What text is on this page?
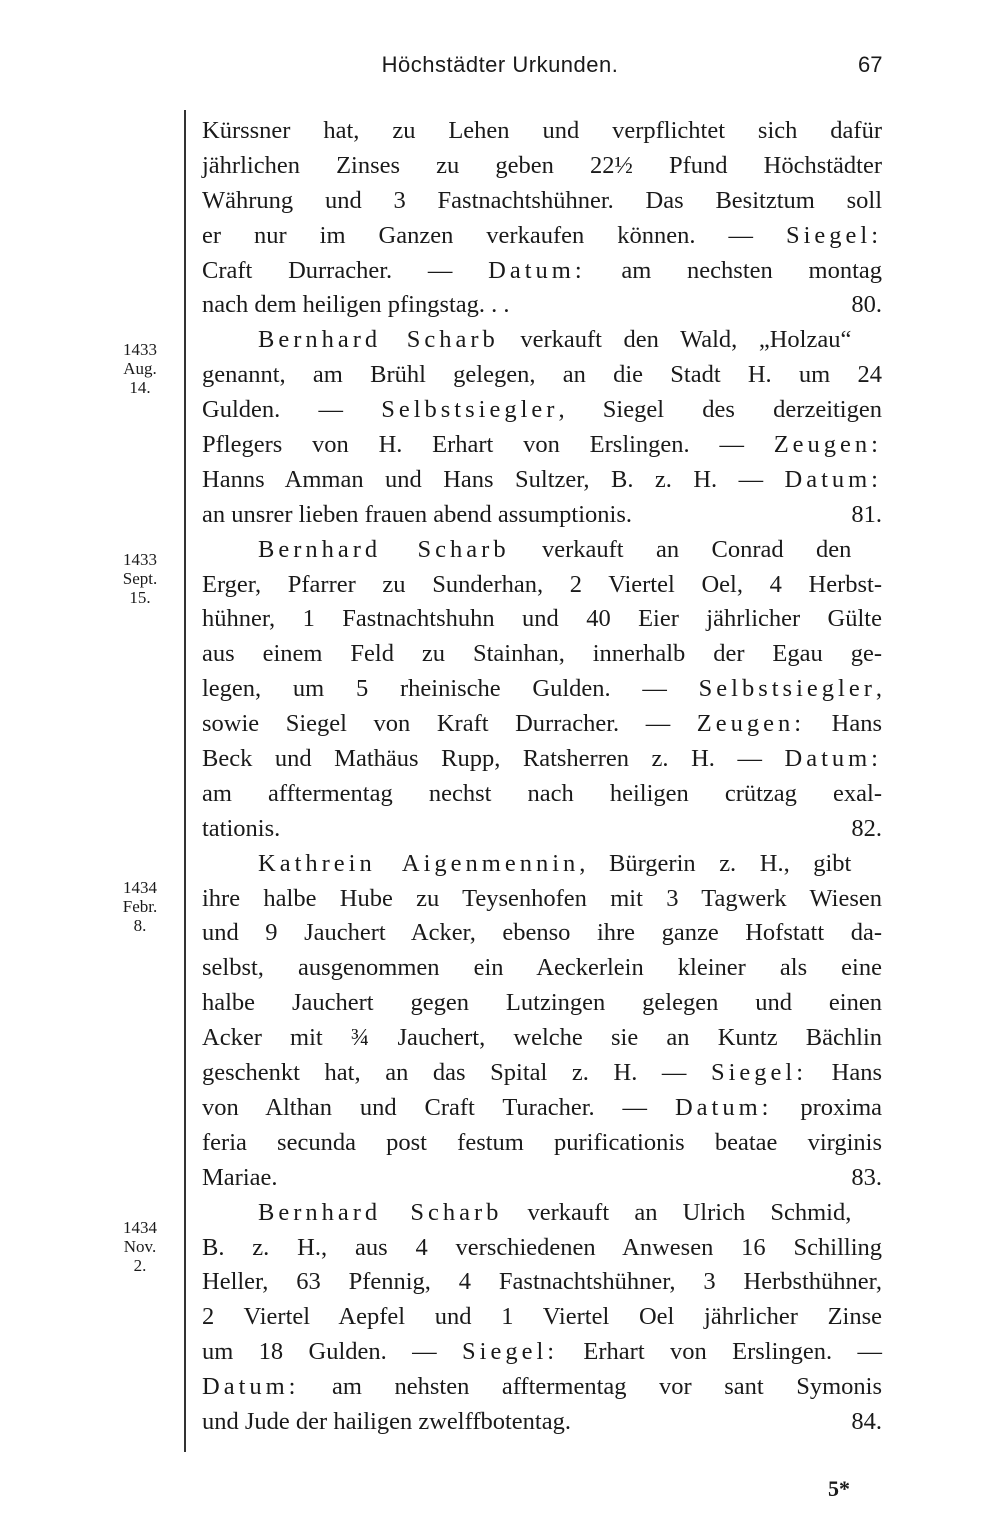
Höchstädter Urkunden.	67
1433
Aug.
14.
1433
Sept.
15.
1434
Febr.
8.
1434
Nov.
2.
Kürssner hat, zu Lehen und verpflichtet sich dafür
jährlichen Zinses zu geben 22½ Pfund Höchstädter
Währung und 3 Fastnachtshühner. Das Besitztum soll
er nur im Ganzen verkaufen können. — Siegel:
Craft Durracher. — Datum: am nechsten montag
nach dem heiligen pfingstag. . .	80.
Bernhard Scharb verkauft den Wald, „Holzau“
genannt, am Brühl gelegen, an die Stadt H. um 24
Gulden. — Selbstsiegler, Siegel des derzeitigen
Pflegers von H. Erhart von Erslingen. — Zeugen:
Hanns Amman und Hans Sultzer, B. z. H. — Datum:
an unsrer lieben frauen abend assumptionis.	81.
Bernhard Scharb verkauft an Conrad den
Erger, Pfarrer zu Sunderhan, 2 Viertel Oel, 4 Herbst-
hühner, 1 Fastnachtshuhn und 40 Eier jährlicher Gülte
aus einem Feld zu Stainhan, innerhalb der Egau ge-
legen, um 5 rheinische Gulden. — Selbstsiegler,
sowie Siegel von Kraft Durracher. — Zeugen: Hans
Beck und Mathäus Rupp, Ratsherren z. H. — Datum:
am afftermentag nechst nach heiligen crützag exal-
tationis.	82.
Kathrein Aigenmennin, Bürgerin z. H., gibt
ihre halbe Hube zu Teysenhofen mit 3 Tagwerk Wiesen
und 9 Jauchert Acker, ebenso ihre ganze Hofstatt da-
selbst, ausgenommen ein Aeckerlein kleiner als eine
halbe Jauchert gegen Lutzingen gelegen und einen
Acker mit ¾ Jauchert, welche sie an Kuntz Bächlin
geschenkt hat, an das Spital z. H. — Siegel: Hans
von Althan und Craft Turacher. — Datum: proxima
feria secunda post festum purificationis beatae virginis
Mariae.	83.
Bernhard Scharb verkauft an Ulrich Schmid,
B. z. H., aus 4 verschiedenen Anwesen 16 Schilling
Heller, 63 Pfennig, 4 Fastnachtshühner, 3 Herbsthühner,
2 Viertel Aepfel und 1 Viertel Oel jährlicher Zinse
um 18 Gulden. — Siegel: Erhart von Erslingen. —
Datum: am nehsten afftermentag vor sant Symonis
und Jude der hailigen zwelffbotentag.	84.
5*
